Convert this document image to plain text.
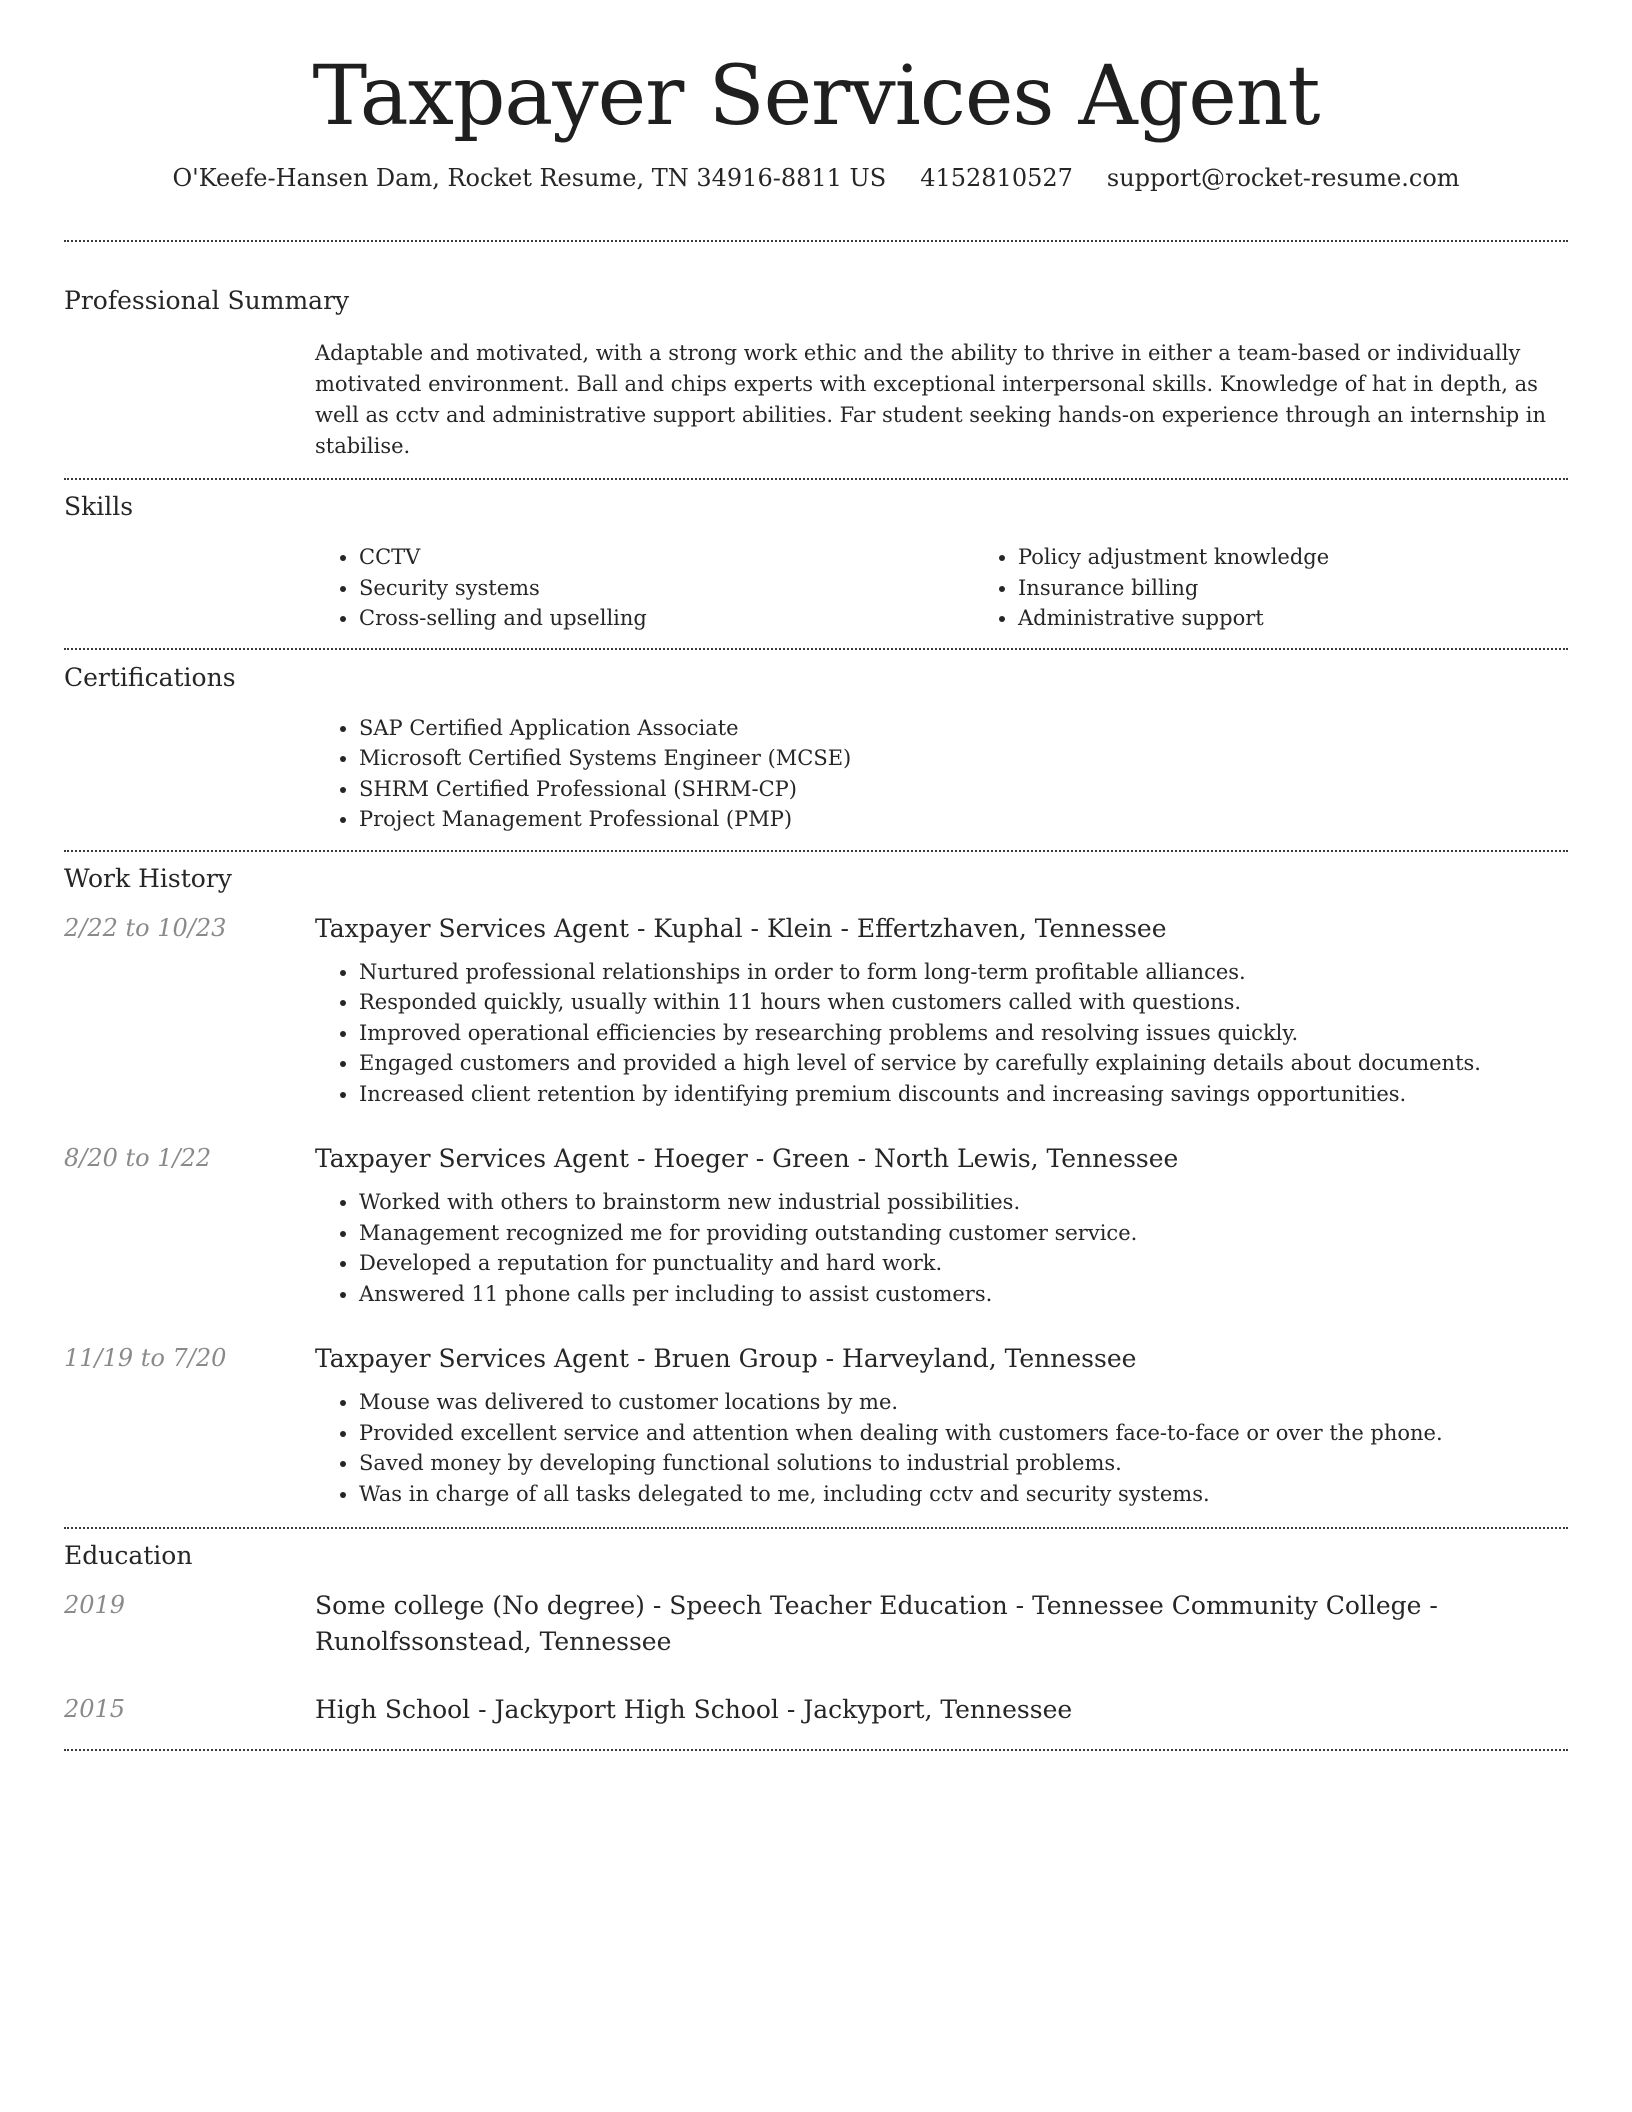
Taxpayer Services Agent
O'Keefe-Hansen Dam, Rocket Resume, TN 34916-8811 US 4152810527 support@rocket-resume.com
Professional Summary

Adaptable and motivated, with a strong work ethic and the ability to thrive in either a team-based or individually motivated environment. Ball and chips experts with exceptional interpersonal skills. Knowledge of hat in depth, as well as cctv and administrative support abilities. Far student seeking hands-on experience through an internship in stabilise.

Skills
• CCTV
• Security systems
• Cross-selling and upselling
• Policy adjustment knowledge
• Insurance billing
• Administrative support
Certifications
• SAP Certified Application Associate
• Microsoft Certified Systems Engineer (MCSE)
• SHRM Certified Professional (SHRM-CP)
• Project Management Professional (PMP)
Work History
2/22 to 10/23	Taxpayer Services Agent - Kuphal - Klein - Effertzhaven, Tennessee
• Nurtured professional relationships in order to form long-term profitable alliances.
• Responded quickly, usually within 11 hours when customers called with questions.
• Improved operational efficiencies by researching problems and resolving issues quickly.
• Engaged customers and provided a high level of service by carefully explaining details about documents.
• Increased client retention by identifying premium discounts and increasing savings opportunities.
8/20 to 1/22	Taxpayer Services Agent - Hoeger - Green - North Lewis, Tennessee
• Worked with others to brainstorm new industrial possibilities.
• Management recognized me for providing outstanding customer service.
• Developed a reputation for punctuality and hard work.
• Answered 11 phone calls per including to assist customers.
11/19 to 7/20	Taxpayer Services Agent - Bruen Group - Harveyland, Tennessee
• Mouse was delivered to customer locations by me.
• Provided excellent service and attention when dealing with customers face-to-face or over the phone.
• Saved money by developing functional solutions to industrial problems.
• Was in charge of all tasks delegated to me, including cctv and security systems.
Education
2019	Some college (No degree) - Speech Teacher Education - Tennessee Community College - Runolfssonstead, Tennessee
2015	High School - Jackyport High School - Jackyport, Tennessee
